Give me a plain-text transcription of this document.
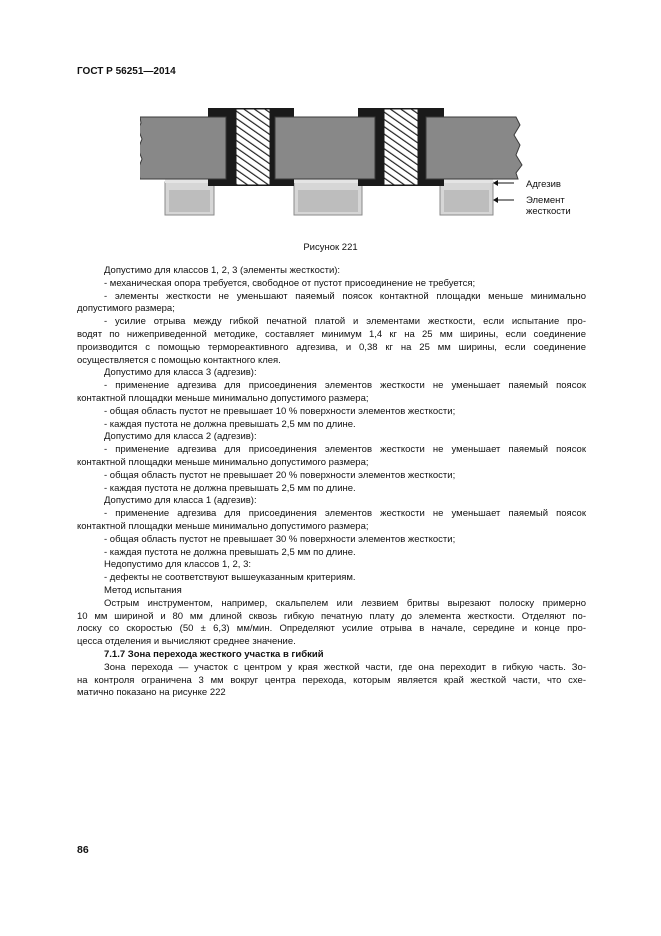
ГОСТ Р 56251—2014
Адгезив
Элемент
жесткости
Рисунок 221

Допустимо для классов 1, 2, 3 (элементы жесткости):

- механическая опора требуется, свободное от пустот присоединение не требуется;

- элементы жесткости не уменьшают паяемый поясок контактной площадки меньше минимально

допустимого размера;

- усилие отрыва между гибкой печатной платой и элементами жесткости, если испытание про-

водят по нижеприведенной методике, составляет минимум 1,4 кг на 25 мм ширины, если соединение

производится с помощью термореактивного адгезива, и 0,38 кг на 25 мм ширины, если соединение

осуществляется с помощью контактного клея.

Допустимо для класса 3 (адгезив):

- применение адгезива для присоединения элементов жесткости не уменьшает паяемый поясок

контактной площадки меньше минимально допустимого размера;

- общая область пустот не превышает 10 % поверхности элементов жесткости;

- каждая пустота не должна превышать 2,5 мм по длине.

Допустимо для класса 2 (адгезив):

- применение адгезива для присоединения элементов жесткости не уменьшает паяемый поясок

контактной площадки меньше минимально допустимого размера;

- общая область пустот не превышает 20 % поверхности элементов жесткости;

- каждая пустота не должна превышать 2,5 мм по длине.

Допустимо для класса 1 (адгезив):

- применение адгезива для присоединения элементов жесткости не уменьшает паяемый поясок

контактной площадки меньше минимально допустимого размера;

- общая область пустот не превышает 30 % поверхности элементов жесткости;

- каждая пустота не должна превышать 2,5 мм по длине.

Недопустимо для классов 1, 2, 3:

- дефекты не соответствуют вышеуказанным критериям.

Метод испытания

Острым инструментом, например, скальпелем или лезвием бритвы вырезают полоску примерно

10 мм шириной и 80 мм длиной сквозь гибкую печатную плату до элемента жесткости. Отделяют по-

лоску со скоростью (50 ± 6,3) мм/мин. Определяют усилие отрыва в начале, середине и конце про-

цесса отделения и вычисляют среднее значение.

7.1.7 Зона перехода жесткого участка в гибкий

Зона перехода — участок с центром у края жесткой части, где она переходит в гибкую часть. Зо-

на контроля ограничена 3 мм вокруг центра перехода, которым является край жесткой части, что схе-

матично показано на рисунке 222

86
